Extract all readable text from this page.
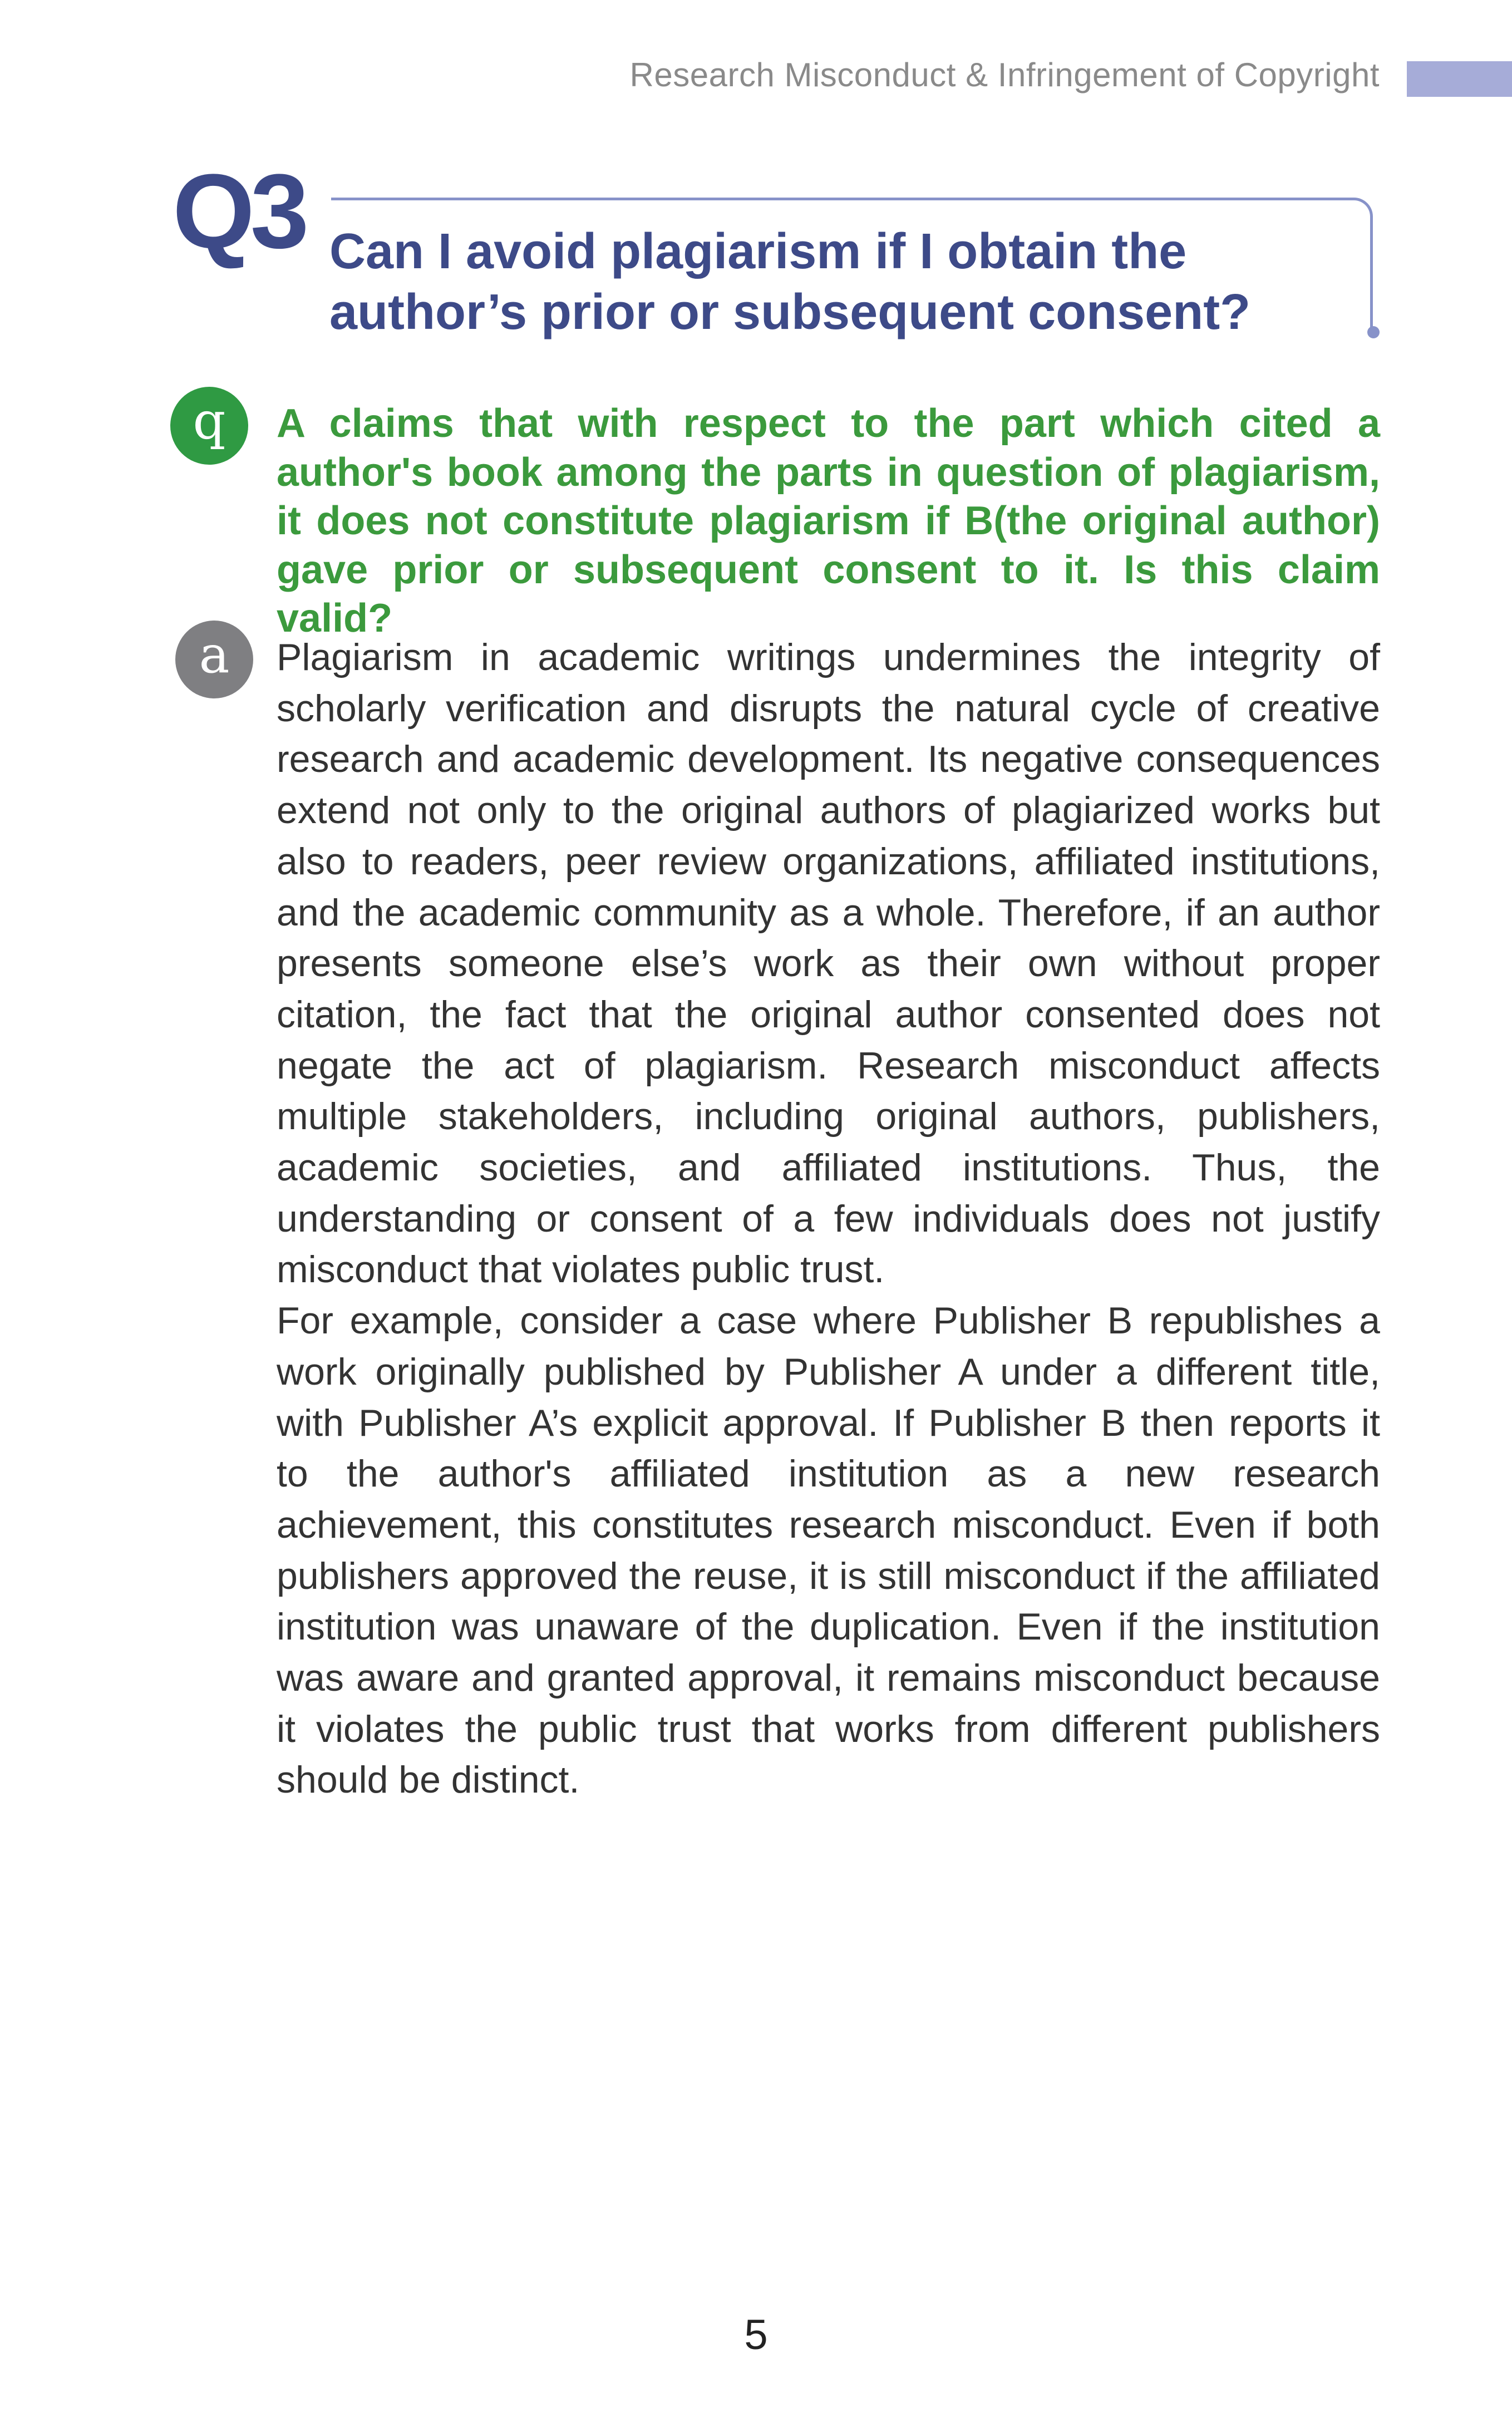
Research Misconduct & Infringement of Copyright
Q3 Can I avoid plagiarism if I obtain the author’s prior or subsequent consent?
q	A claims that with respect to the part which cited a author's book among the parts in question of plagiarism, it does not constitute plagiarism if B(the original author) gave prior or subsequent consent to it. Is this claim valid?
a	Plagiarism in academic writings undermines the integrity of scholarly verification and disrupts the natural cycle of creative research and academic development. Its negative consequences extend not only to the original authors of plagiarized works but also to readers, peer review organizations, affiliated institutions, and the academic community as a whole. Therefore, if an author presents someone else’s work as their own without proper citation, the fact that the original author consented does not negate the act of plagiarism. Research misconduct affects multiple stakeholders, including original authors, publishers, academic societies, and affiliated institutions. Thus, the understanding or consent of a few individuals does not justify misconduct that violates public trust.

For example, consider a case where Publisher B republishes a work originally published by Publisher A under a different title, with Publisher A’s explicit approval. If Publisher B then reports it to the author's affiliated institution as a new research achievement, this constitutes research misconduct. Even if both publishers approved the reuse, it is still misconduct if the affiliated institution was unaware of the duplication. Even if the institution was aware and granted approval, it remains misconduct because it violates the public trust that works from different publishers should be distinct.

5
